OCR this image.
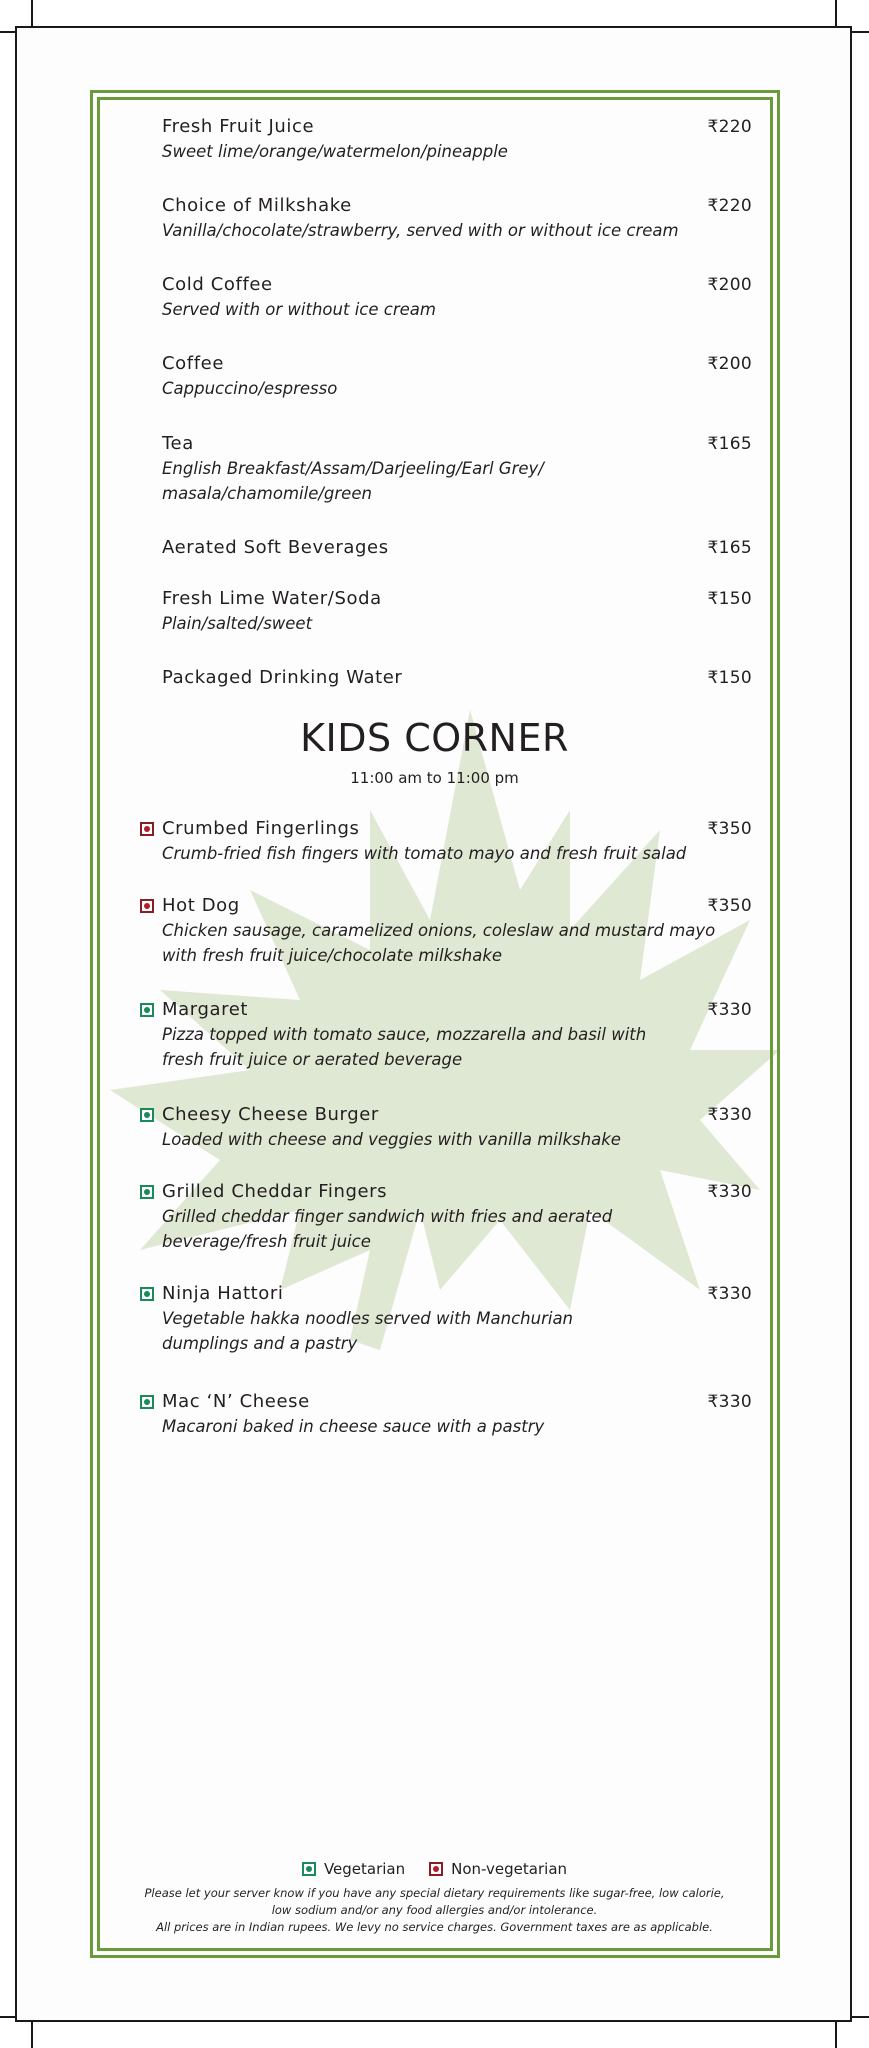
Fresh Fruit Juice	₹220
Sweet lime/orange/watermelon/pineapple
Choice of Milkshake	₹220
Vanilla/chocolate/strawberry, served with or without ice cream
Cold Coffee	₹200
Served with or without ice cream
Coffee	₹200
Cappuccino/espresso
Tea	₹165
English Breakfast/Assam/Darjeeling/Earl Grey/
masala/chamomile/green
Aerated Soft Beverages	₹165
Fresh Lime Water/Soda	₹150
Plain/salted/sweet
Packaged Drinking Water	₹150
KIDS CORNER
11:00 am to 11:00 pm
Crumbed Fingerlings	₹350
Crumb-fried fish fingers with tomato mayo and fresh fruit salad
Hot Dog	₹350
Chicken sausage, caramelized onions, coleslaw and mustard mayo
with fresh fruit juice/chocolate milkshake
Margaret	₹330
Pizza topped with tomato sauce, mozzarella and basil with
fresh fruit juice or aerated beverage
Cheesy Cheese Burger	₹330
Loaded with cheese and veggies with vanilla milkshake
Grilled Cheddar Fingers	₹330
Grilled cheddar finger sandwich with fries and aerated
beverage/fresh fruit juice
Ninja Hattori	₹330
Vegetable hakka noodles served with Manchurian
dumplings and a pastry
Mac ‘N’ Cheese	₹330
Macaroni baked in cheese sauce with a pastry
Vegetarian	Non-vegetarian
Please let your server know if you have any special dietary requirements like sugar-free, low calorie,
low sodium and/or any food allergies and/or intolerance.
All prices are in Indian rupees. We levy no service charges. Government taxes are as applicable.
